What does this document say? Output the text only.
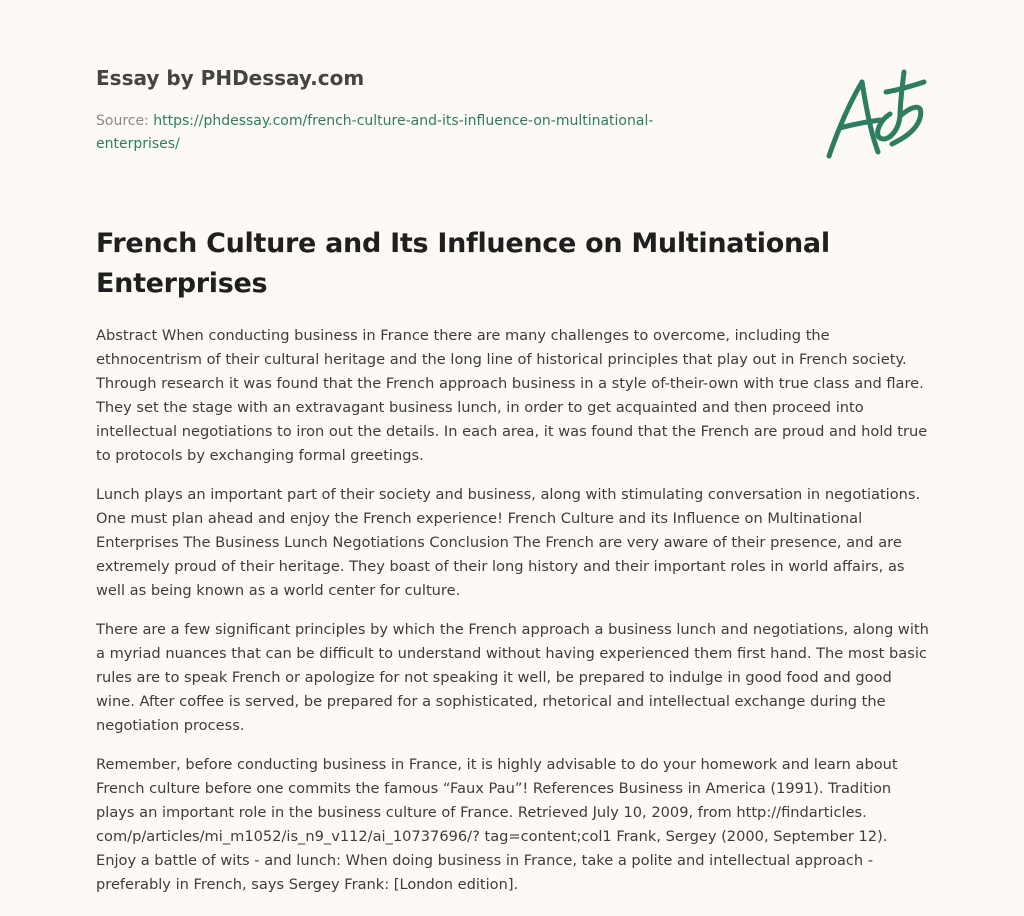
Essay by PHDessay.com
Source: https://phdessay.com/french-culture-and-its-influence-on-multinational-enterprises/
French Culture and Its Influence on Multinational Enterprises

Abstract When conducting business in France there are many challenges to overcome, including the ethnocentrism of their cultural heritage and the long line of historical principles that play out in French society. Through research it was found that the French approach business in a style of-their-own with true class and flare. They set the stage with an extravagant business lunch, in order to get acquainted and then proceed into intellectual negotiations to iron out the details. In each area, it was found that the French are proud and hold true to protocols by exchanging formal greetings.

Lunch plays an important part of their society and business, along with stimulating conversation in negotiations. One must plan ahead and enjoy the French experience! French Culture and its Influence on Multinational Enterprises The Business Lunch Negotiations Conclusion The French are very aware of their presence, and are extremely proud of their heritage. They boast of their long history and their important roles in world affairs, as well as being known as a world center for culture.

There are a few significant principles by which the French approach a business lunch and negotiations, along with a myriad nuances that can be difficult to understand without having experienced them first hand. The most basic rules are to speak French or apologize for not speaking it well, be prepared to indulge in good food and good wine. After coffee is served, be prepared for a sophisticated, rhetorical and intellectual exchange during the negotiation process.

Remember, before conducting business in France, it is highly advisable to do your homework and learn about French culture before one commits the famous “Faux Pau”! References Business in America (1991). Tradition plays an important role in the business culture of France. Retrieved July 10, 2009, from http://findarticles. com/p/articles/mi_m1052/is_n9_v112/ai_10737696/? tag=content;col1 Frank, Sergey (2000, September 12). Enjoy a battle of wits - and lunch: When doing business in France, take a polite and intellectual approach - preferably in French, says Sergey Frank: [London edition].
